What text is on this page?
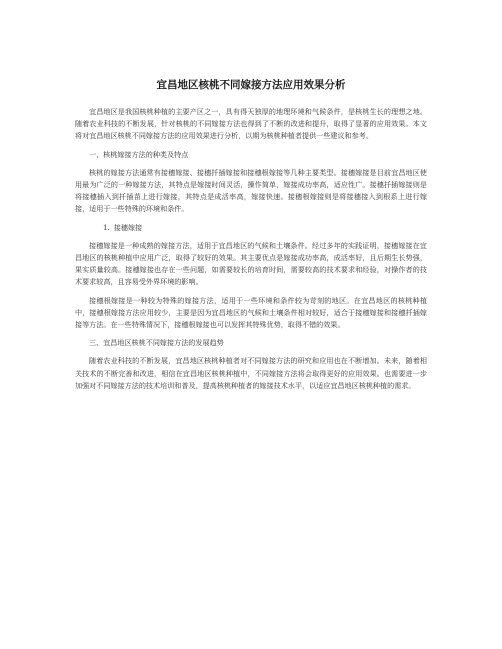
宜昌地区核桃不同嫁接方法应用效果分析

宜昌地区是我国核桃种植的主要产区之一，具有得天独厚的地理环境和气候条件，是核桃生长的理想之地。随着农业科技的不断发展，针对核桃的不同嫁接方法也得到了不断的改进和提升，取得了显著的应用效果。本文将对宜昌地区核桃不同嫁接方法的应用效果进行分析，以期为核桃种植者提供一些建议和参考。

一、核桃嫁接方法的种类及特点

核桃的嫁接方法通常有接穗嫁接、接穗扦插嫁接和接穗根嫁接等几种主要类型。接穗嫁接是目前宜昌地区使用最为广泛的一种嫁接方法，其特点是嫁接时间灵活，操作简单，嫁接成功率高，适应性广。接穗扦插嫁接则是将接穗插入到扦插苗上进行嫁接，其特点是成活率高，嫁接快速。接穗根嫁接则是将接穗接入到根系上进行嫁接，适用于一些特殊的环境和条件。

1. 接穗嫁接

接穗嫁接是一种成熟的嫁接方法，适用于宜昌地区的气候和土壤条件。经过多年的实践证明，接穗嫁接在宜昌地区的核桃种植中应用广泛，取得了较好的效果。其主要优点是嫁接成功率高，成活率好，且后期生长势强，果实质量较高。接穗嫁接也存在一些问题，如需要较长的培育时间，需要较高的技术要求和经验，对操作者的技术要求较高，且容易受外界环境的影响。

接穗根嫁接是一种较为特殊的嫁接方法，适用于一些环境和条件较为苛刻的地区。在宜昌地区的核桃种植中，接穗根嫁接方法应用较少，主要是因为宜昌地区的气候和土壤条件相对较好，适合于接穗嫁接和接穗扦插嫁接等方法。在一些特殊情况下，接穗根嫁接也可以发挥其特殊优势，取得不错的效果。

三、宜昌地区核桃不同嫁接方法的发展趋势

随着农业科技的不断发展，宜昌地区核桃种植者对不同嫁接方法的研究和应用也在不断增加。未来，随着相关技术的不断完善和改进，相信在宜昌地区核桃种植中，不同嫁接方法将会取得更好的应用效果。也需要进一步加强对不同嫁接方法的技术培训和普及，提高核桃种植者的嫁接技术水平，以适应宜昌地区核桃种植的需求。
